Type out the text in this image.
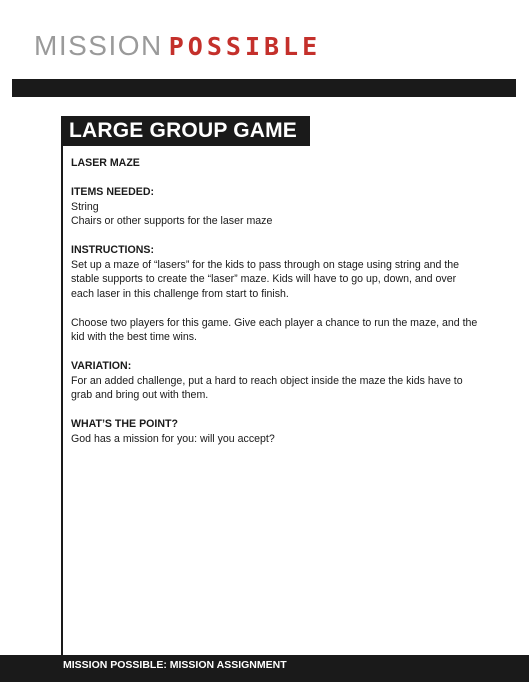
MISSION POSSIBLE
LARGE GROUP GAME

LASER MAZE

ITEMS NEEDED:

String

Chairs or other supports for the laser maze

INSTRUCTIONS:

Set up a maze of “lasers” for the kids to pass through on stage using string and the stable supports to create the “laser” maze. Kids will have to go up, down, and over each laser in this challenge from start to finish.

Choose two players for this game. Give each player a chance to run the maze, and the kid with the best time wins.

VARIATION:

For an added challenge, put a hard to reach object inside the maze the kids have to grab and bring out with them.

WHAT’S THE POINT?

God has a mission for you: will you accept?

MISSION POSSIBLE: MISSION ASSIGNMENT
